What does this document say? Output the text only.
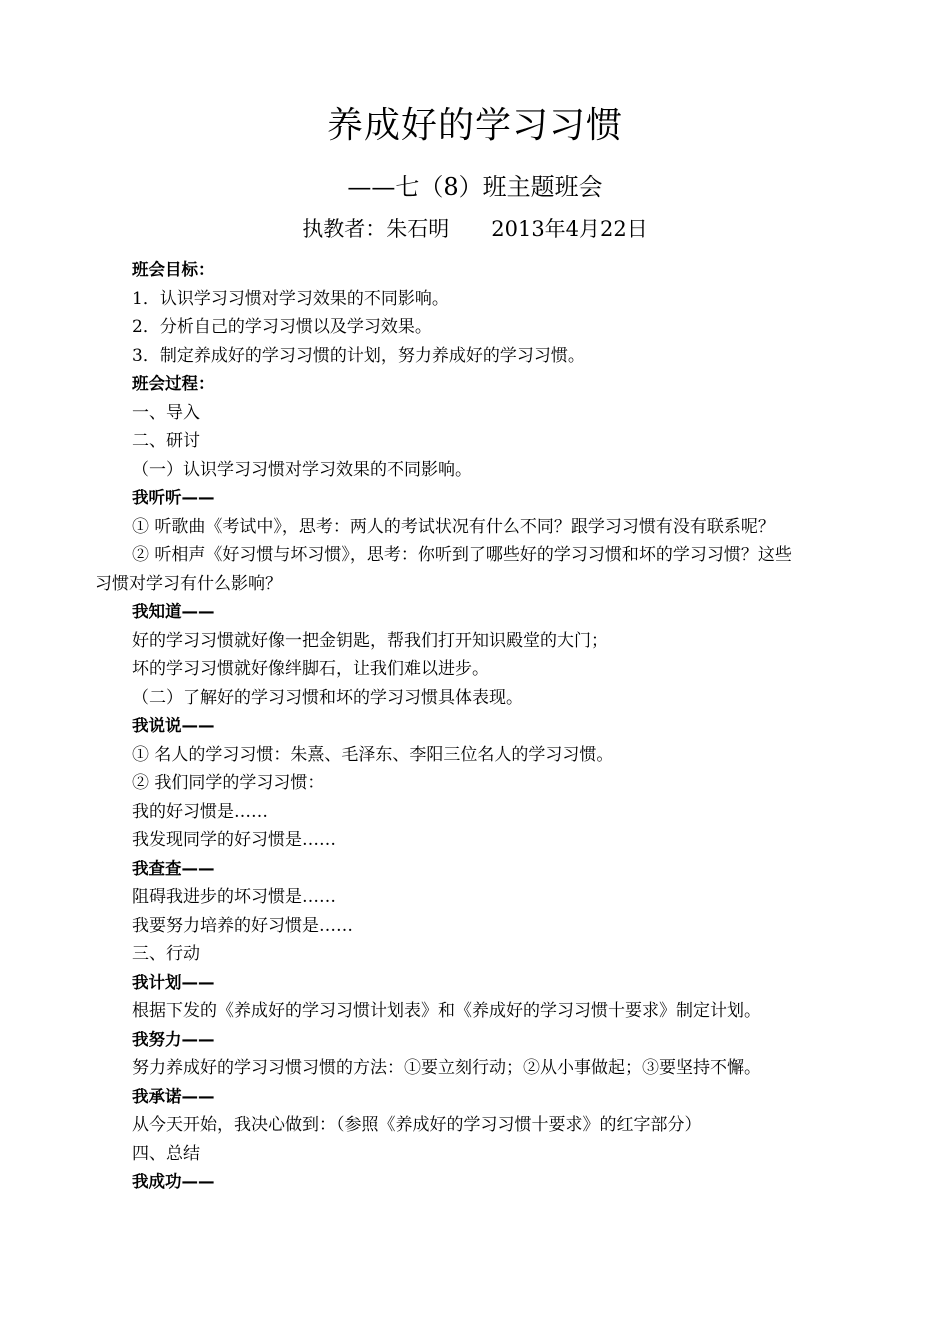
养成好的学习习惯
——七（8）班主题班会
执教者：朱石明　　2013年4月22日
班会目标：
1．认识学习习惯对学习效果的不同影响。
2．分析自己的学习习惯以及学习效果。
3．制定养成好的学习习惯的计划，努力养成好的学习习惯。
班会过程：
一、导入
二、研讨
（一）认识学习习惯对学习效果的不同影响。
我听听——
① 听歌曲《考试中》，思考：两人的考试状况有什么不同？跟学习习惯有没有联系呢？
② 听相声《好习惯与坏习惯》，思考：你听到了哪些好的学习习惯和坏的学习习惯？这些
习惯对学习有什么影响？
我知道——
好的学习习惯就好像一把金钥匙，帮我们打开知识殿堂的大门；
坏的学习习惯就好像绊脚石，让我们难以进步。
（二）了解好的学习习惯和坏的学习习惯具体表现。
我说说——
① 名人的学习习惯：朱熹、毛泽东、李阳三位名人的学习习惯。
② 我们同学的学习习惯：
我的好习惯是……
我发现同学的好习惯是……
我查查——
阻碍我进步的坏习惯是……
我要努力培养的好习惯是……
三、行动
我计划——
根据下发的《养成好的学习习惯计划表》和《养成好的学习习惯十要求》制定计划。
我努力——
努力养成好的学习习惯习惯的方法：①要立刻行动；②从小事做起；③要坚持不懈。
我承诺——
从今天开始，我决心做到：（参照《养成好的学习习惯十要求》的红字部分）
四、总结
我成功——
